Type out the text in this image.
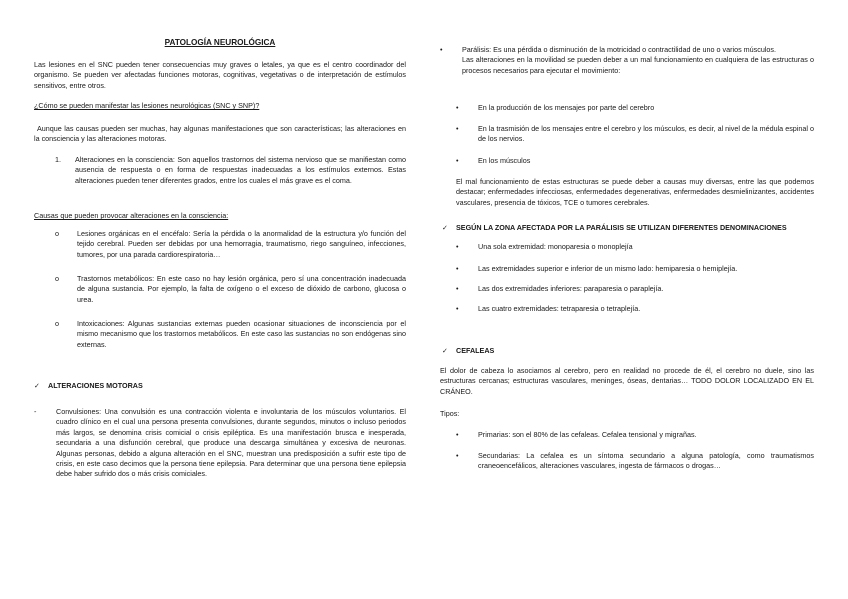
PATOLOGÍA NEUROLÓGICA

Las lesiones en el SNC pueden tener consecuencias muy graves o letales, ya que es el centro coordinador del organismo. Se pueden ver afectadas funciones motoras, cognitivas, vegetativas o de interpretación de estímulos sensitivos, entre otros.

¿Cómo se pueden manifestar las lesiones neurológicas (SNC y SNP)?

Aunque las causas pueden ser muchas, hay algunas manifestaciones que son características; las alteraciones en la consciencia y las alteraciones motoras.

1.	Alteraciones en la consciencia: Son aquellos trastornos del sistema nervioso que se manifiestan como ausencia de respuesta o en forma de respuestas inadecuadas a los estímulos externos. Estas alteraciones pueden tener diferentes grados, entre los cuales el más grave es el coma.

Causas que pueden provocar alteraciones en la consciencia:

o	Lesiones orgánicas en el encéfalo: Sería la pérdida o la anormalidad de la estructura y/o función del tejido cerebral. Pueden ser debidas por una hemorragia, traumatismo, riego sanguíneo, infecciones, tumores, por una parada cardiorespiratoria…

o	Trastornos metabólicos: En este caso no hay lesión orgánica, pero sí una concentración inadecuada de alguna sustancia. Por ejemplo, la falta de oxígeno o el exceso de dióxido de carbono, glucosa o urea.

o	Intoxicaciones: Algunas sustancias externas pueden ocasionar situaciones de inconsciencia por el mismo mecanismo que los trastornos metabólicos. En este caso las sustancias no son endógenas sino externas.

✓	ALTERACIONES MOTORAS
-	Convulsiones: Una convulsión es una contracción violenta e involuntaria de los músculos voluntarios. El cuadro clínico en el cual una persona presenta convulsiones, durante segundos, minutos o incluso periodos más largos, se denomina crisis comicial o crisis epiléptica. Es una manifestación brusca e inesperada, secundaria a una disfunción cerebral, que produce una descarga simultánea y excesiva de neuronas. Algunas personas, debido a alguna alteración en el SNC, muestran una predisposición a sufrir este tipo de crisis, en este caso decimos que la persona tiene epilepsia. Para determinar que una persona tiene epilepsia debe haber sufrido dos o más crisis comiciales.

•	Parálisis: Es una pérdida o disminución de la motricidad o contractilidad de uno o varios músculos.

Las alteraciones en la movilidad se pueden deber a un mal funcionamiento en cualquiera de las estructuras o procesos necesarios para ejecutar el movimiento:

•	En la producción de los mensajes por parte del cerebro

•	En la trasmisión de los mensajes entre el cerebro y los músculos, es decir, al nivel de la médula espinal o de los nervios.

•	En los músculos

El mal funcionamiento de estas estructuras se puede deber a causas muy diversas, entre las que podemos destacar; enfermedades infecciosas, enfermedades degenerativas, enfermedades desmielinizantes, accidentes vasculares, presencia de tóxicos, TCE o tumores cerebrales.

✓	SEGÚN LA ZONA AFECTADA POR LA PARÁLISIS SE UTILIZAN DIFERENTES DENOMINACIONES
•	Una sola extremidad: monoparesia o monoplejía

•	Las extremidades superior e inferior de un mismo lado: hemiparesia o hemiplejía.

•	Las dos extremidades inferiores: paraparesia o paraplejía.

•	Las cuatro extremidades: tetraparesia o tetraplejía.

✓	CEFALEAS

El dolor de cabeza lo asociamos al cerebro, pero en realidad no procede de él, el cerebro no duele, sino las estructuras cercanas; estructuras vasculares, meninges, óseas, dentarias… TODO DOLOR LOCALIZADO EN EL CRÁNEO.

Tipos:

•	Primarias: son el 80% de las cefaleas. Cefalea tensional y migrañas.

•	Secundarias: La cefalea es un síntoma secundario a alguna patología, como traumatismos craneoencefálicos, alteraciones vasculares, ingesta de fármacos o drogas…
